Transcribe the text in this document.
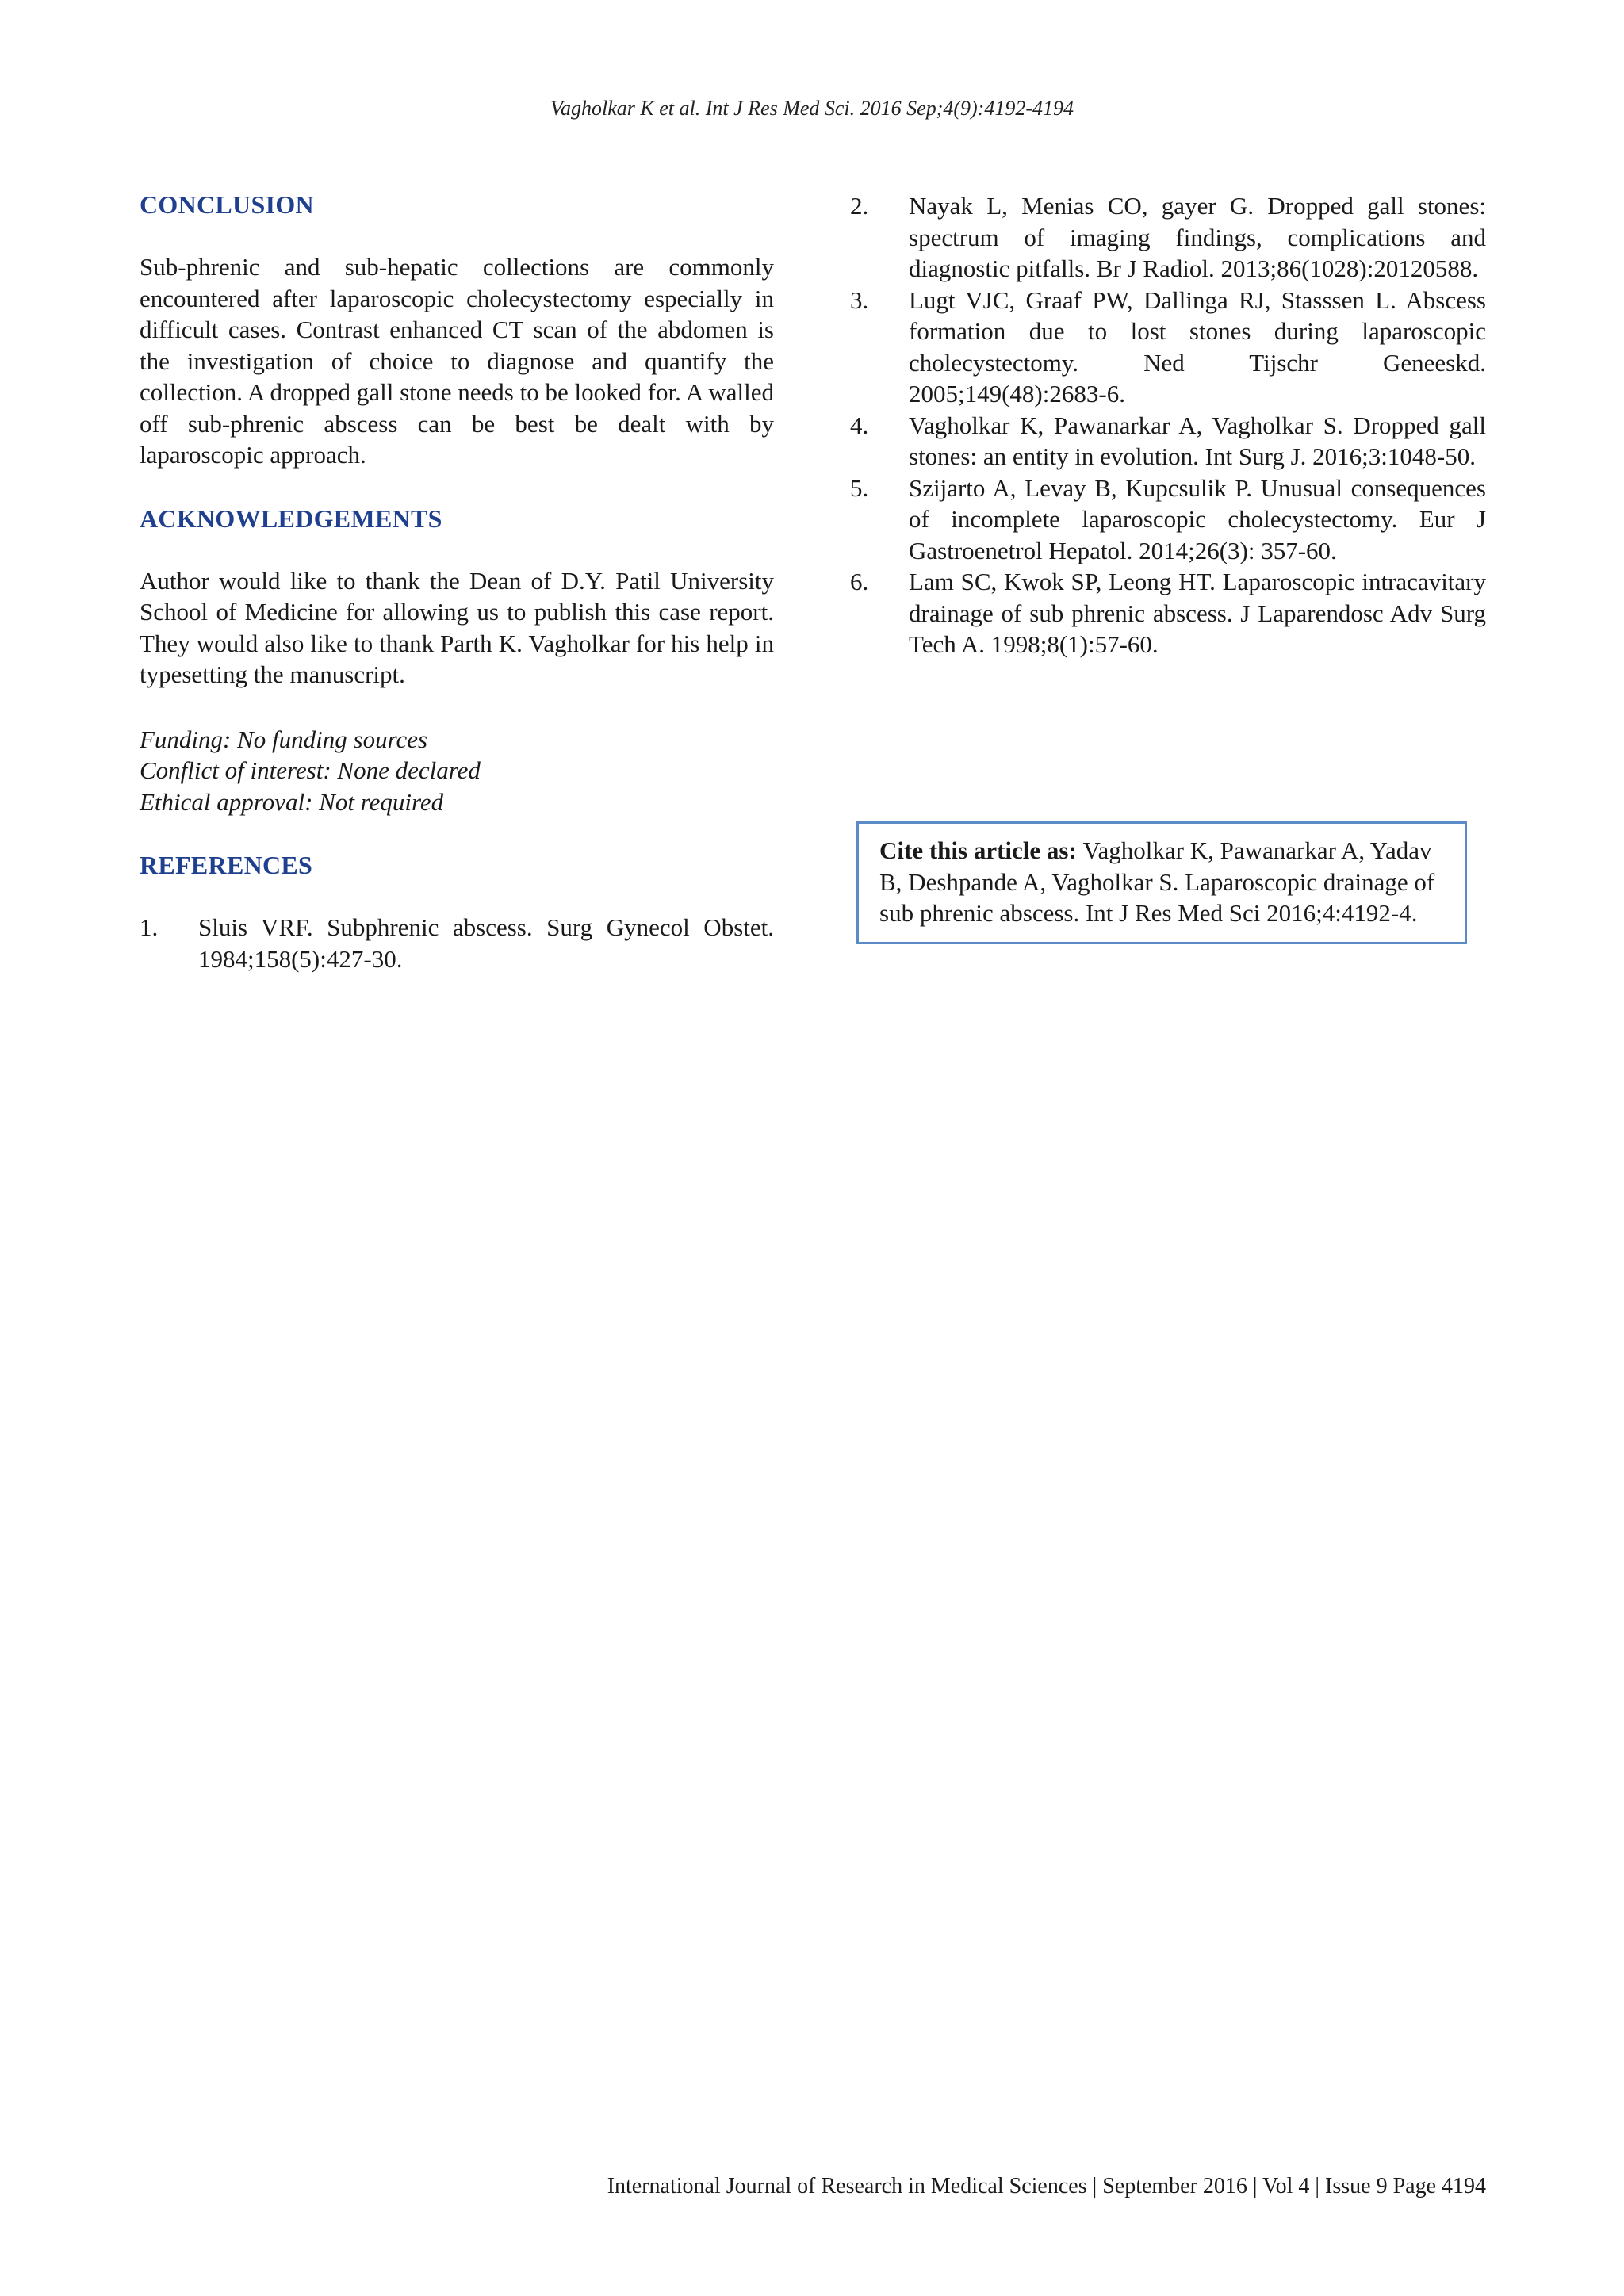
Vagholkar K et al. Int J Res Med Sci. 2016 Sep;4(9):4192-4194
CONCLUSION

Sub-phrenic and sub-hepatic collections are commonly encountered after laparoscopic cholecystectomy especially in difficult cases. Contrast enhanced CT scan of the abdomen is the investigation of choice to diagnose and quantify the collection. A dropped gall stone needs to be looked for. A walled off sub-phrenic abscess can be best be dealt with by laparoscopic approach.

ACKNOWLEDGEMENTS

Author would like to thank the Dean of D.Y. Patil University School of Medicine for allowing us to publish this case report. They would also like to thank Parth K. Vagholkar for his help in typesetting the manuscript.

Funding: No funding sources
Conflict of interest: None declared
Ethical approval: Not required
REFERENCES
1. Sluis VRF. Subphrenic abscess. Surg Gynecol Obstet. 1984;158(5):427-30.
2. Nayak L, Menias CO, gayer G. Dropped gall stones: spectrum of imaging findings, complications and diagnostic pitfalls. Br J Radiol. 2013;86(1028):20120588.
3. Lugt VJC, Graaf PW, Dallinga RJ, Stasssen L. Abscess formation due to lost stones during laparoscopic cholecystectomy. Ned Tijschr Geneeskd. 2005;149(48):2683-6.
4. Vagholkar K, Pawanarkar A, Vagholkar S. Dropped gall stones: an entity in evolution. Int Surg J. 2016;3:1048-50.
5. Szijarto A, Levay B, Kupcsulik P. Unusual consequences of incomplete laparoscopic cholecystectomy. Eur J Gastroenetrol Hepatol. 2014;26(3): 357-60.
6. Lam SC, Kwok SP, Leong HT. Laparoscopic intracavitary drainage of sub phrenic abscess. J Laparendosc Adv Surg Tech A. 1998;8(1):57-60.
Cite this article as: Vagholkar K, Pawanarkar A, Yadav B, Deshpande A, Vagholkar S. Laparoscopic drainage of sub phrenic abscess. Int J Res Med Sci 2016;4:4192-4.
International Journal of Research in Medical Sciences | September 2016 | Vol 4 | Issue 9 Page 4194
